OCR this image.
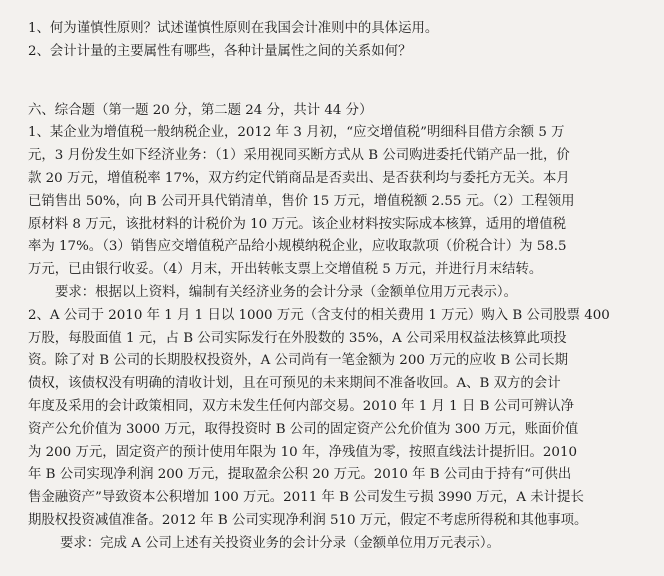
1、何为谨慎性原则？试述谨慎性原则在我国会计准则中的具体运用。
2、会计计量的主要属性有哪些，各种计量属性之间的关系如何？
六、综合题（第一题 20 分，第二题 24 分，共计 44 分）
1、某企业为增值税一般纳税企业，2012 年 3 月初，“应交增值税”明细科目借方余额 5 万
元，3 月份发生如下经济业务：（1）采用视同买断方式从 B 公司购进委托代销产品一批，价
款 20 万元，增值税率 17%，双方约定代销商品是否卖出、是否获利均与委托方无关。本月
已销售出 50%，向 B 公司开具代销清单，售价 15 万元，增值税额 2.55 元。（2）工程领用
原材料 8 万元，该批材料的计税价为 10 万元。该企业材料按实际成本核算，适用的增值税
率为 17%。（3）销售应交增值税产品给小规模纳税企业，应收取款项（价税合计）为 58.5
万元，已由银行收妥。（4）月末，开出转帐支票上交增值税 5 万元，并进行月末结转。
要求：根据以上资料，编制有关经济业务的会计分录（金额单位用万元表示）。
2、A 公司于 2010 年 1 月 1 日以 1000 万元（含支付的相关费用 1 万元）购入 B 公司股票 400
万股，每股面值 1 元，占 B 公司实际发行在外股数的 35%，A 公司采用权益法核算此项投
资。除了对 B 公司的长期股权投资外，A 公司尚有一笔金额为 200 万元的应收 B 公司长期
债权，该债权没有明确的清收计划，且在可预见的未来期间不准备收回。A、B 双方的会计
年度及采用的会计政策相同，双方未发生任何内部交易。2010 年 1 月 1 日 B 公司可辨认净
资产公允价值为 3000 万元，取得投资时 B 公司的固定资产公允价值为 300 万元，账面价值
为 200 万元，固定资产的预计使用年限为 10 年，净残值为零，按照直线法计提折旧。2010
年 B 公司实现净利润 200 万元，提取盈余公积 20 万元。2010 年 B 公司由于持有“可供出
售金融资产”导致资本公积增加 100 万元。2011 年 B 公司发生亏损 3990 万元，A 未计提长
期股权投资减值准备。2012 年 B 公司实现净利润 510 万元，假定不考虑所得税和其他事项。
要求：完成 A 公司上述有关投资业务的会计分录（金额单位用万元表示）。
